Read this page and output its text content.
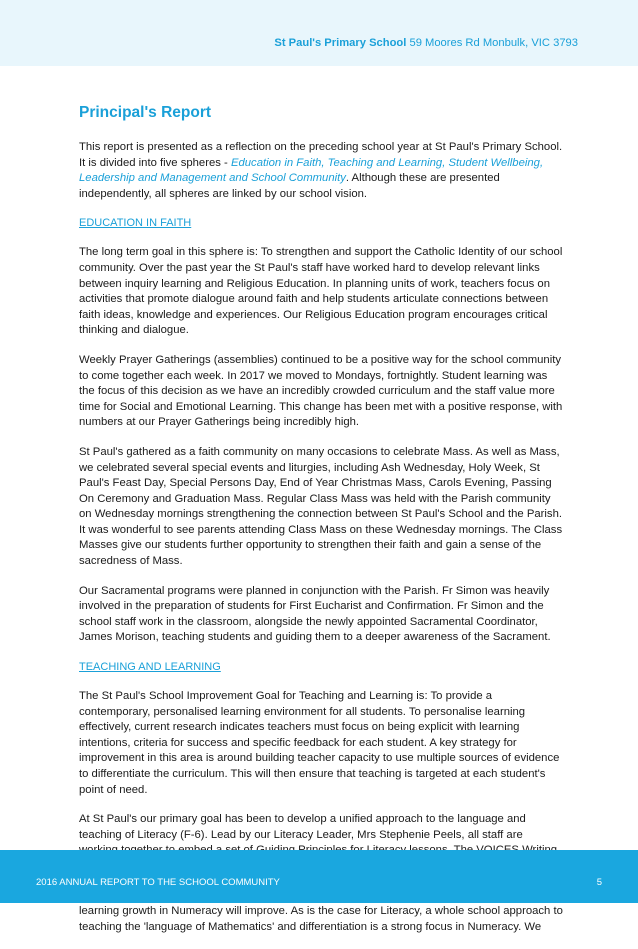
St Paul's Primary School 59 Moores Rd Monbulk, VIC 3793
Principal's Report

This report is presented as a reflection on the preceding school year at St Paul's Primary School. It is divided into five spheres - Education in Faith, Teaching and Learning, Student Wellbeing, Leadership and Management and School Community. Although these are presented independently, all spheres are linked by our school vision.

EDUCATION IN FAITH

The long term goal in this sphere is: To strengthen and support the Catholic Identity of our school community. Over the past year the St Paul's staff have worked hard to develop relevant links between inquiry learning and Religious Education. In planning units of work, teachers focus on activities that promote dialogue around faith and help students articulate connections between faith ideas, knowledge and experiences. Our Religious Education program encourages critical thinking and dialogue.

Weekly Prayer Gatherings (assemblies) continued to be a positive way for the school community to come together each week. In 2017 we moved to Mondays, fortnightly. Student learning was the focus of this decision as we have an incredibly crowded curriculum and the staff value more time for Social and Emotional Learning. This change has been met with a positive response, with numbers at our Prayer Gatherings being incredibly high.

St Paul's gathered as a faith community on many occasions to celebrate Mass. As well as Mass, we celebrated several special events and liturgies, including Ash Wednesday, Holy Week, St Paul's Feast Day, Special Persons Day, End of Year Christmas Mass, Carols Evening, Passing On Ceremony and Graduation Mass. Regular Class Mass was held with the Parish community on Wednesday mornings strengthening the connection between St Paul's School and the Parish. It was wonderful to see parents attending Class Mass on these Wednesday mornings. The Class Masses give our students further opportunity to strengthen their faith and gain a sense of the sacredness of Mass.

Our Sacramental programs were planned in conjunction with the Parish. Fr Simon was heavily involved in the preparation of students for First Eucharist and Confirmation. Fr Simon and the school staff work in the classroom, alongside the newly appointed Sacramental Coordinator, James Morison, teaching students and guiding them to a deeper awareness of the Sacrament.

TEACHING AND LEARNING

The St Paul's School Improvement Goal for Teaching and Learning is: To provide a contemporary, personalised learning environment for all students. To personalise learning effectively, current research indicates teachers must focus on being explicit with learning intentions, criteria for success and specific feedback for each student. A key strategy for improvement in this area is around building teacher capacity to use multiple sources of evidence to differentiate the curriculum. This will then ensure that teaching is targeted at each student's point of need.

At St Paul's our primary goal has been to develop a unified approach to the language and teaching of Literacy (F-6). Lead by our Literacy Leader, Mrs Stephenie Peels, all staff are

learning growth in Numeracy will improve. As is the case for Literacy, a whole school approach to teaching the 'language of Mathematics' and differentiation is a strong focus in Numeracy. We

2016 ANNUAL REPORT TO THE SCHOOL COMMUNITY	5
